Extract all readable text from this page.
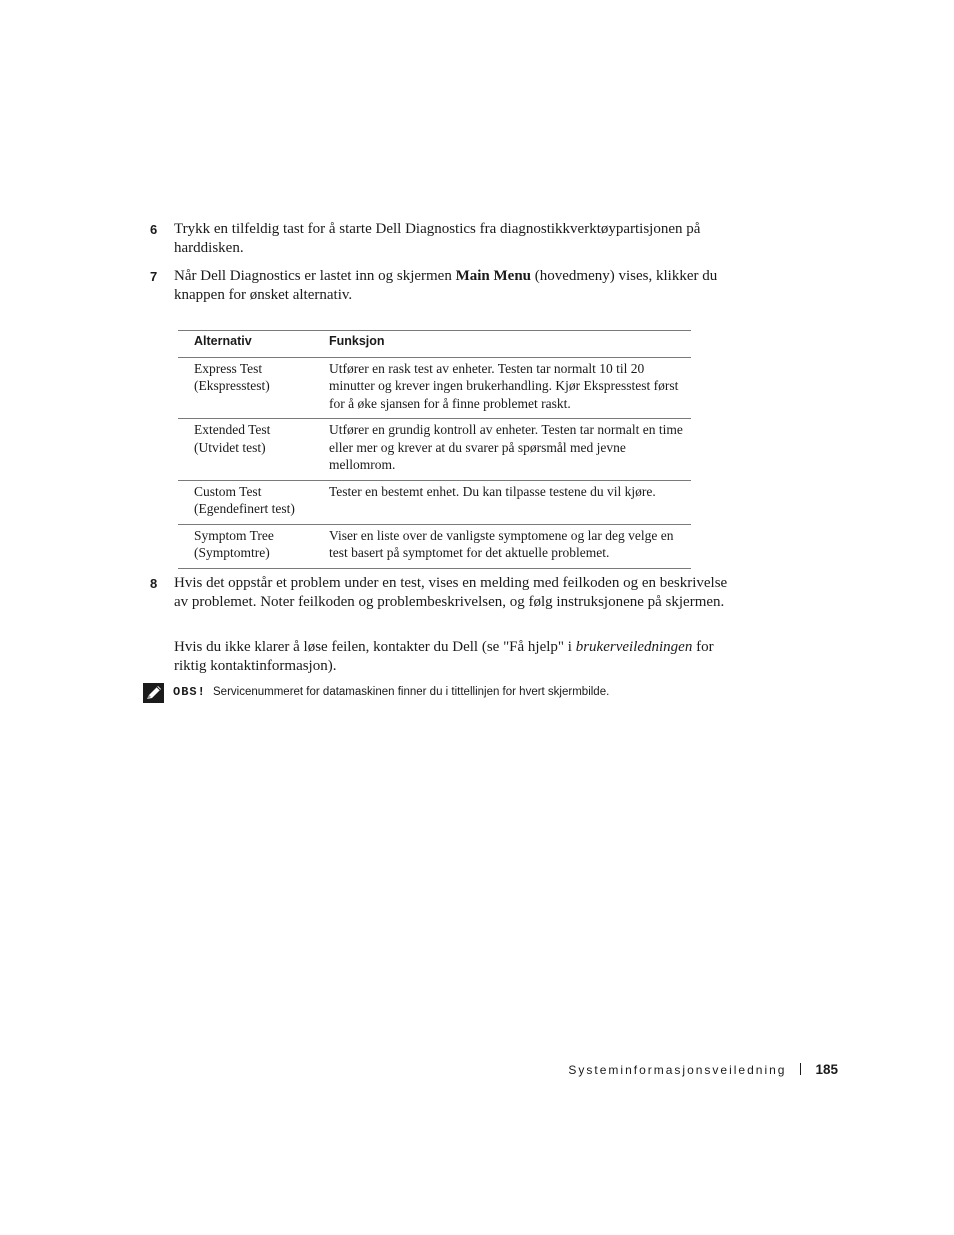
6 Trykk en tilfeldig tast for å starte Dell Diagnostics fra diagnostikkverktøypartisjonen på harddisken.
7 Når Dell Diagnostics er lastet inn og skjermen Main Menu (hovedmeny) vises, klikker du knappen for ønsket alternativ.
Alternativ	Funksjon

Express Test
(Ekspresstest)	Utfører en rask test av enheter. Testen tar normalt 10 til 20 minutter og krever ingen brukerhandling. Kjør Ekspresstest først for å øke sjansen for å finne problemet raskt.

Extended Test
(Utvidet test)	Utfører en grundig kontroll av enheter. Testen tar normalt en time eller mer og krever at du svarer på spørsmål med jevne mellomrom.

Custom Test
(Egendefinert test)	Tester en bestemt enhet. Du kan tilpasse testene du vil kjøre.

Symptom Tree
(Symptomtre)	Viser en liste over de vanligste symptomene og lar deg velge en test basert på symptomet for det aktuelle problemet.
8 Hvis det oppstår et problem under en test, vises en melding med feilkoden og en beskrivelse av problemet. Noter feilkoden og problembeskrivelsen, og følg instruksjonene på skjermen.
Hvis du ikke klarer å løse feilen, kontakter du Dell (se "Få hjelp" i brukerveiledningen for riktig kontaktinformasjon).
OBS! Servicenummeret for datamaskinen finner du i tittellinjen for hvert skjermbilde.
Systeminformasjonsveiledning 185
